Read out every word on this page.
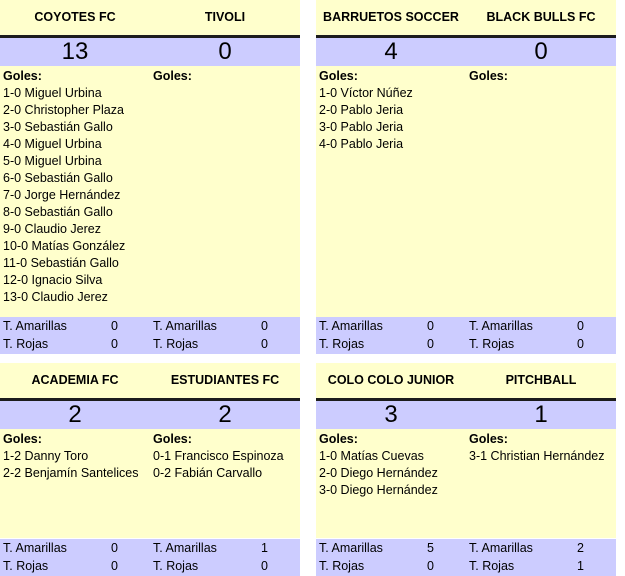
COYOTES FC	TIVOLI
13	0
Goles:
1-0 Miguel Urbina
2-0 Christopher Plaza
3-0 Sebastián Gallo
4-0 Miguel Urbina
5-0 Miguel Urbina
6-0 Sebastián Gallo
7-0 Jorge Hernández
8-0 Sebastián Gallo
9-0 Claudio Jerez
10-0 Matías González
11-0 Sebastián Gallo
12-0 Ignacio Silva
13-0 Claudio Jerez
Goles:
T. Amarillas	0	T. Amarillas	0
T. Rojas	0	T. Rojas	0
BARRUETOS SOCCER	BLACK BULLS FC
4	0
Goles:
1-0 Víctor Núñez
2-0 Pablo Jeria
3-0 Pablo Jeria
4-0 Pablo Jeria
Goles:
T. Amarillas	0	T. Amarillas	0
T. Rojas	0	T. Rojas	0
ACADEMIA FC	ESTUDIANTES FC
2	2
Goles:
1-2 Danny Toro
2-2 Benjamín Santelices
Goles:
0-1 Francisco Espinoza
0-2 Fabián Carvallo
T. Amarillas	0	T. Amarillas	1
T. Rojas	0	T. Rojas	0
COLO COLO JUNIOR	PITCHBALL
3	1
Goles:
1-0 Matías Cuevas
2-0 Diego Hernández
3-0 Diego Hernández
Goles:
3-1 Christian Hernández
T. Amarillas	5	T. Amarillas	2
T. Rojas	0	T. Rojas	1
